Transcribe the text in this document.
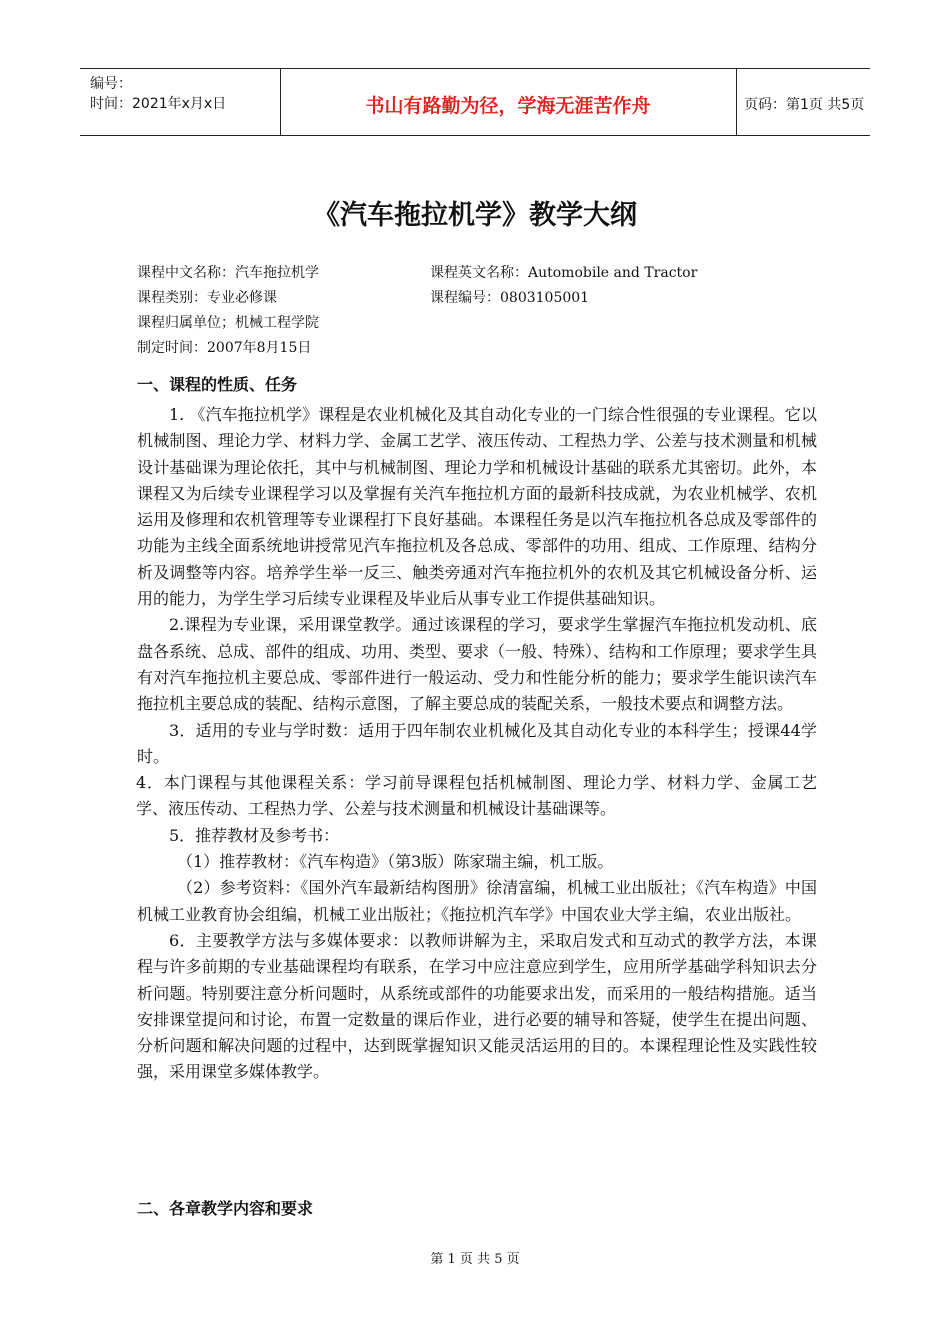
编号：
时间：2021年x月x日	书山有路勤为径，学海无涯苦作舟	页码：第1页 共5页
《汽车拖拉机学》教学大纲
课程中文名称：汽车拖拉机学	课程英文名称：Automobile and Tractor
课程类别：专业必修课	课程编号：0803105001
课程归属单位；机械工程学院
制定时间：2007年8月15日
一、课程的性质、任务

1. 《汽车拖拉机学》课程是农业机械化及其自动化专业的一门综合性很强的专业课程。它以机械制图、理论力学、材料力学、金属工艺学、液压传动、工程热力学、公差与技术测量和机械设计基础课为理论依托，其中与机械制图、理论力学和机械设计基础的联系尤其密切。此外，本课程又为后续专业课程学习以及掌握有关汽车拖拉机方面的最新科技成就，为农业机械学、农机运用及修理和农机管理等专业课程打下良好基础。本课程任务是以汽车拖拉机各总成及零部件的功能为主线全面系统地讲授常见汽车拖拉机及各总成、零部件的功用、组成、工作原理、结构分析及调整等内容。培养学生举一反三、触类旁通对汽车拖拉机外的农机及其它机械设备分析、运用的能力，为学生学习后续专业课程及毕业后从事专业工作提供基础知识。

2.课程为专业课，采用课堂教学。通过该课程的学习，要求学生掌握汽车拖拉机发动机、底盘各系统、总成、部件的组成、功用、类型、要求（一般、特殊）、结构和工作原理；要求学生具有对汽车拖拉机主要总成、零部件进行一般运动、受力和性能分析的能力；要求学生能识读汽车拖拉机主要总成的装配、结构示意图，了解主要总成的装配关系，一般技术要点和调整方法。

3．适用的专业与学时数：适用于四年制农业机械化及其自动化专业的本科学生；授课44学时。

4．本门课程与其他课程关系：学习前导课程包括机械制图、理论力学、材料力学、金属工艺学、液压传动、工程热力学、公差与技术测量和机械设计基础课等。

5．推荐教材及参考书：

（1）推荐教材：《汽车构造》（第3版）陈家瑞主编，机工版。

（2）参考资料：《国外汽车最新结构图册》徐清富编，机械工业出版社；《汽车构造》中国机械工业教育协会组编，机械工业出版社；《拖拉机汽车学》中国农业大学主编，农业出版社。

6．主要教学方法与多媒体要求：以教师讲解为主，采取启发式和互动式的教学方法，本课程与许多前期的专业基础课程均有联系，在学习中应注意应到学生，应用所学基础学科知识去分析问题。特别要注意分析问题时，从系统或部件的功能要求出发，而采用的一般结构措施。适当安排课堂提问和讨论，布置一定数量的课后作业，进行必要的辅导和答疑，使学生在提出问题、分析问题和解决问题的过程中，达到既掌握知识又能灵活运用的目的。本课程理论性及实践性较强，采用课堂多媒体教学。

二、各章教学内容和要求
第 1 页 共 5 页
